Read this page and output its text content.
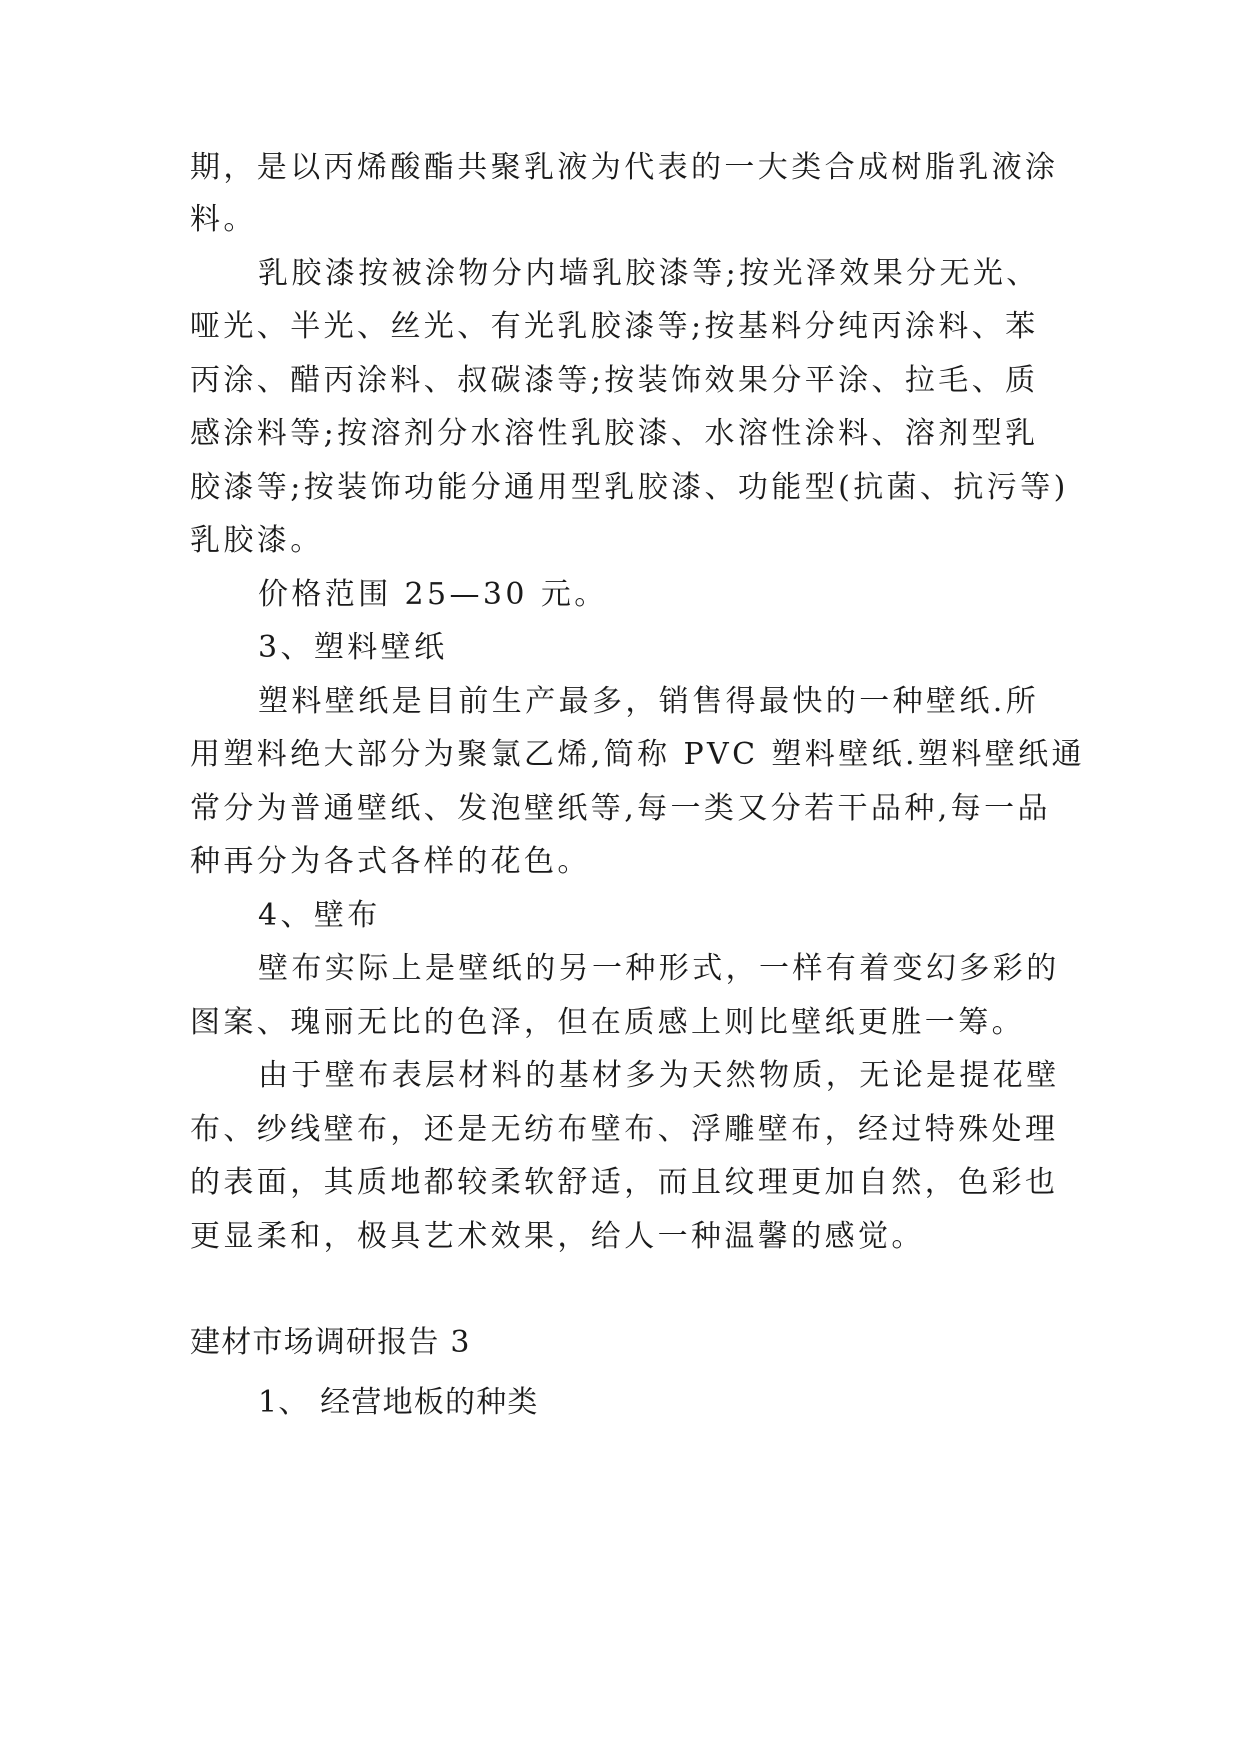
期，是以丙烯酸酯共聚乳液为代表的一大类合成树脂乳液涂

料。

乳胶漆按被涂物分内墙乳胶漆等;按光泽效果分无光、

哑光、半光、丝光、有光乳胶漆等;按基料分纯丙涂料、苯

丙涂、醋丙涂料、叔碳漆等;按装饰效果分平涂、拉毛、质

感涂料等;按溶剂分水溶性乳胶漆、水溶性涂料、溶剂型乳

胶漆等;按装饰功能分通用型乳胶漆、功能型(抗菌、抗污等)

乳胶漆。

价格范围 25—30 元。

3、塑料壁纸

塑料壁纸是目前生产最多，销售得最快的一种壁纸.所

用塑料绝大部分为聚氯乙烯,简称 PVC 塑料壁纸.塑料壁纸通

常分为普通壁纸、发泡壁纸等,每一类又分若干品种,每一品

种再分为各式各样的花色。

4、壁布

壁布实际上是壁纸的另一种形式，一样有着变幻多彩的

图案、瑰丽无比的色泽，但在质感上则比壁纸更胜一筹。

由于壁布表层材料的基材多为天然物质，无论是提花壁

布、纱线壁布，还是无纺布壁布、浮雕壁布，经过特殊处理

的表面，其质地都较柔软舒适，而且纹理更加自然，色彩也

更显柔和，极具艺术效果，给人一种温馨的感觉。

建材市场调研报告 3

1、 经营地板的种类
